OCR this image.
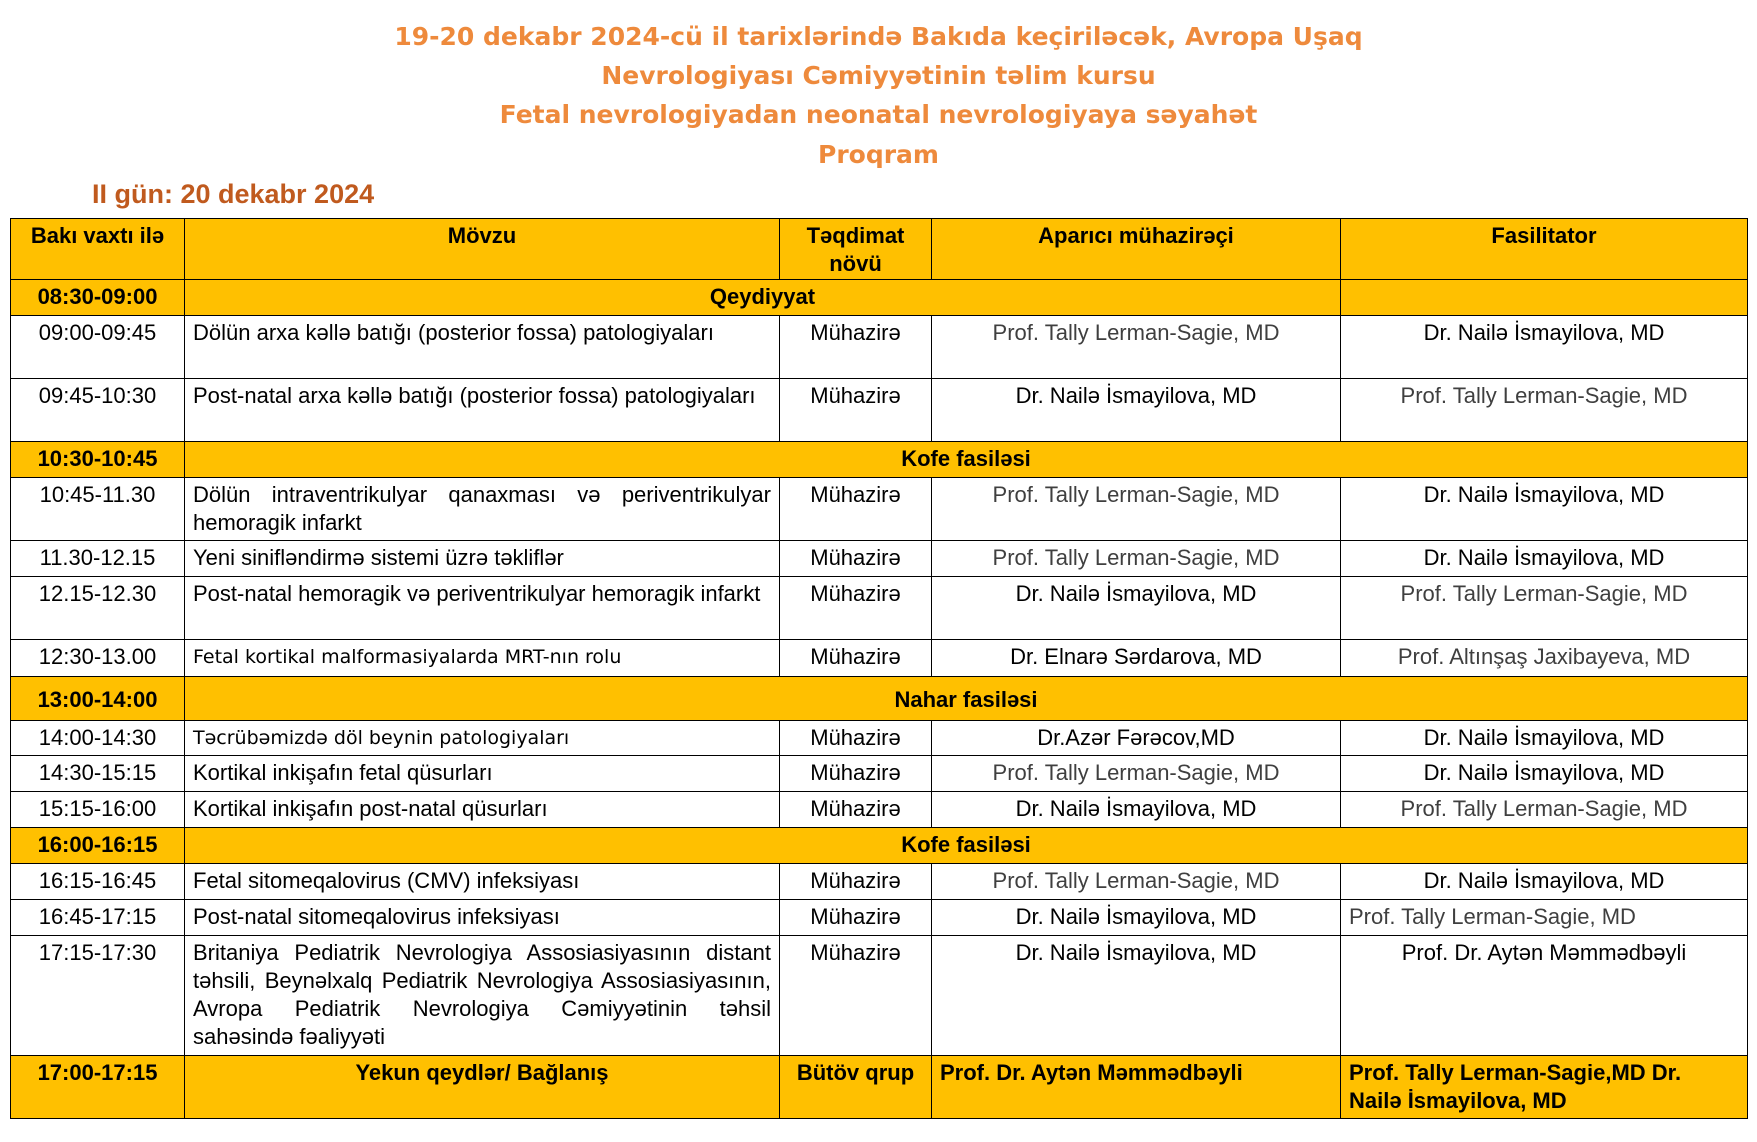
19-20 dekabr 2024-cü il tarixlərində Bakıda keçiriləcək, Avropa Uşaq
Nevrologiyası Cəmiyyətinin təlim kursu
Fetal nevrologiyadan neonatal nevrologiyaya səyahət
Proqram
II gün: 20 dekabr 2024
Bakı vaxtı ilə	Mövzu	Təqdimat növü	Aparıcı mühazirəçi	Fasilitator
08:30-09:00	Qeydiyyat			
09:00-09:45	Dölün arxa kəllə batığı (posterior fossa) patologiyaları	Mühazirə	Prof. Tally Lerman-Sagie, MD	Dr. Nailə İsmayilova, MD
09:45-10:30	Post-natal arxa kəllə batığı (posterior fossa) patologiyaları	Mühazirə	Dr. Nailə İsmayilova, MD	Prof. Tally Lerman-Sagie, MD
10:30-10:45	Kofe fasiləsi			
10:45-11.30	Dölün intraventrikulyar qanaxması və periventrikulyar hemoragik infarkt	Mühazirə	Prof. Tally Lerman-Sagie, MD	Dr. Nailə İsmayilova, MD
11.30-12.15	Yeni siniflәndirmә sistemi üzrә tәkliflәr	Mühazirə	Prof. Tally Lerman-Sagie, MD	Dr. Nailə İsmayilova, MD
12.15-12.30	Post-natal hemoragik və periventrikulyar hemoragik infarkt	Mühazirə	Dr. Nailə İsmayilova, MD	Prof. Tally Lerman-Sagie, MD
12:30-13.00	Fetal kortikal malformasiyalarda MRT-nın rolu	Mühazirə	Dr. Elnarə Sərdarova, MD	Prof. Altınşaş Jaxibayeva, MD
13:00-14:00	Nahar fasiləsi			
14:00-14:30	Təcrübəmizdə döl beynin patologiyaları	Mühazirə	Dr.Azər Fərəcov,MD	Dr. Nailə İsmayilova, MD
14:30-15:15	Kortikal inkişafın fetal qüsurları	Mühazirə	Prof. Tally Lerman-Sagie, MD	Dr. Nailə İsmayilova, MD
15:15-16:00	Kortikal inkişafın post-natal qüsurları	Mühazirə	Dr. Nailə İsmayilova, MD	Prof. Tally Lerman-Sagie, MD
16:00-16:15	Kofe fasiləsi			
16:15-16:45	Fetal sitomeqalovirus (CMV) infeksiyası	Mühazirə	Prof. Tally Lerman-Sagie, MD	Dr. Nailə İsmayilova, MD
16:45-17:15	Post-natal sitomeqalovirus infeksiyası	Mühazirə	Dr. Nailə İsmayilova, MD	Prof. Tally Lerman-Sagie, MD
17:15-17:30	Britaniya Pediatrik Nevrologiya Assosiasiyasının distant təhsili, Beynəlxalq Pediatrik Nevrologiya Assosiasiyasının, Avropa Pediatrik Nevrologiya Cəmiyyətinin təhsil sahəsində fəaliyyəti	Mühazirə	Dr. Nailə İsmayilova, MD	Prof. Dr. Aytən Məmmədbəyli
17:00-17:15	Yekun qeydlər/ Bağlanış	Bütöv qrup	Prof. Dr. Aytən Məmmədbəyli	Prof. Tally Lerman-Sagie,MD Dr. Nailə İsmayilova, MD
